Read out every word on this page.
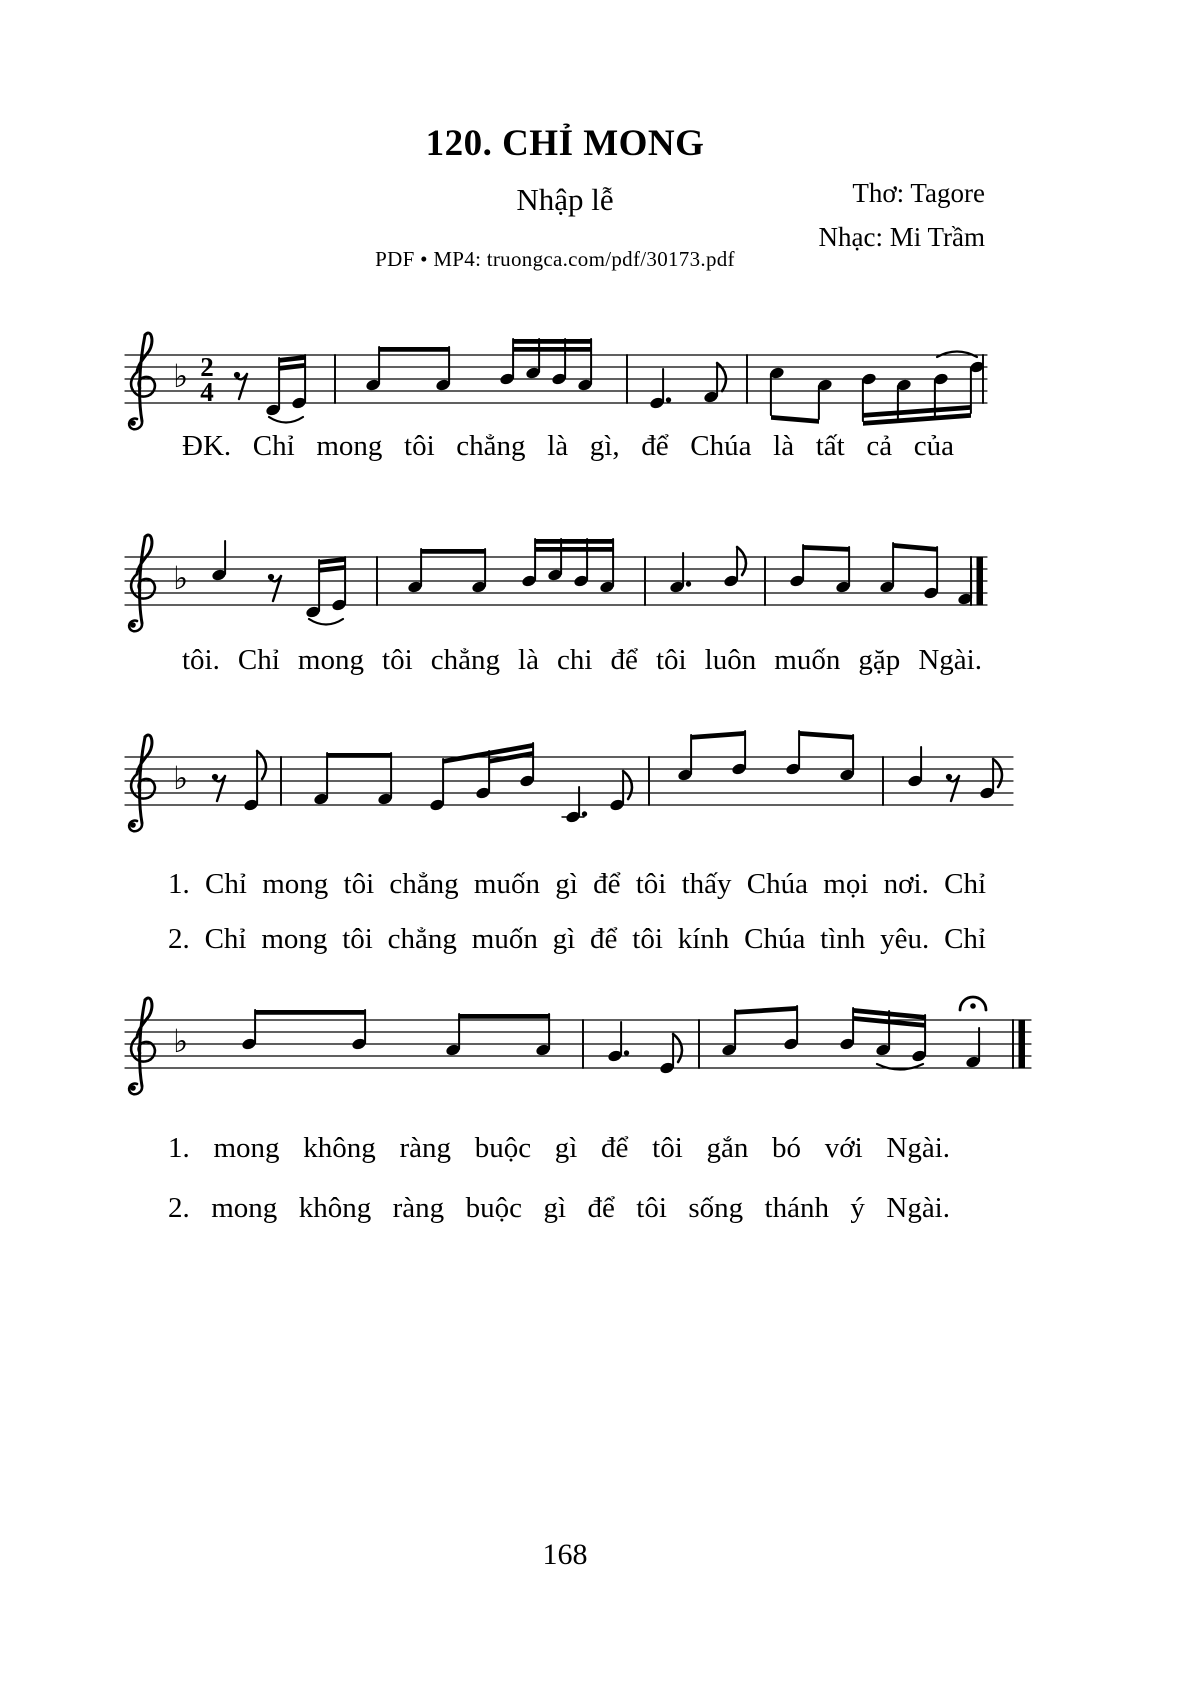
120. CHỈ MONG
Nhập lễ	Thơ: Tagore
Nhạc: Mi Trầm
PDF • MP4: truongca.com/pdf/30173.pdf
♭ 2
4
♭
♭
♭
ĐK. Chỉ mong tôi chẳng là gì, để Chúa là tất cả của
tôi. Chỉ mong tôi chẳng là chi để tôi luôn muốn gặp Ngài.
1. Chỉ mong tôi chẳng muốn gì để tôi thấy Chúa mọi nơi. Chỉ
2. Chỉ mong tôi chẳng muốn gì để tôi kính Chúa tình yêu. Chỉ
1. mong không ràng buộc gì để tôi gắn bó với Ngài.
2. mong không ràng buộc gì để tôi sống thánh ý Ngài.
168
